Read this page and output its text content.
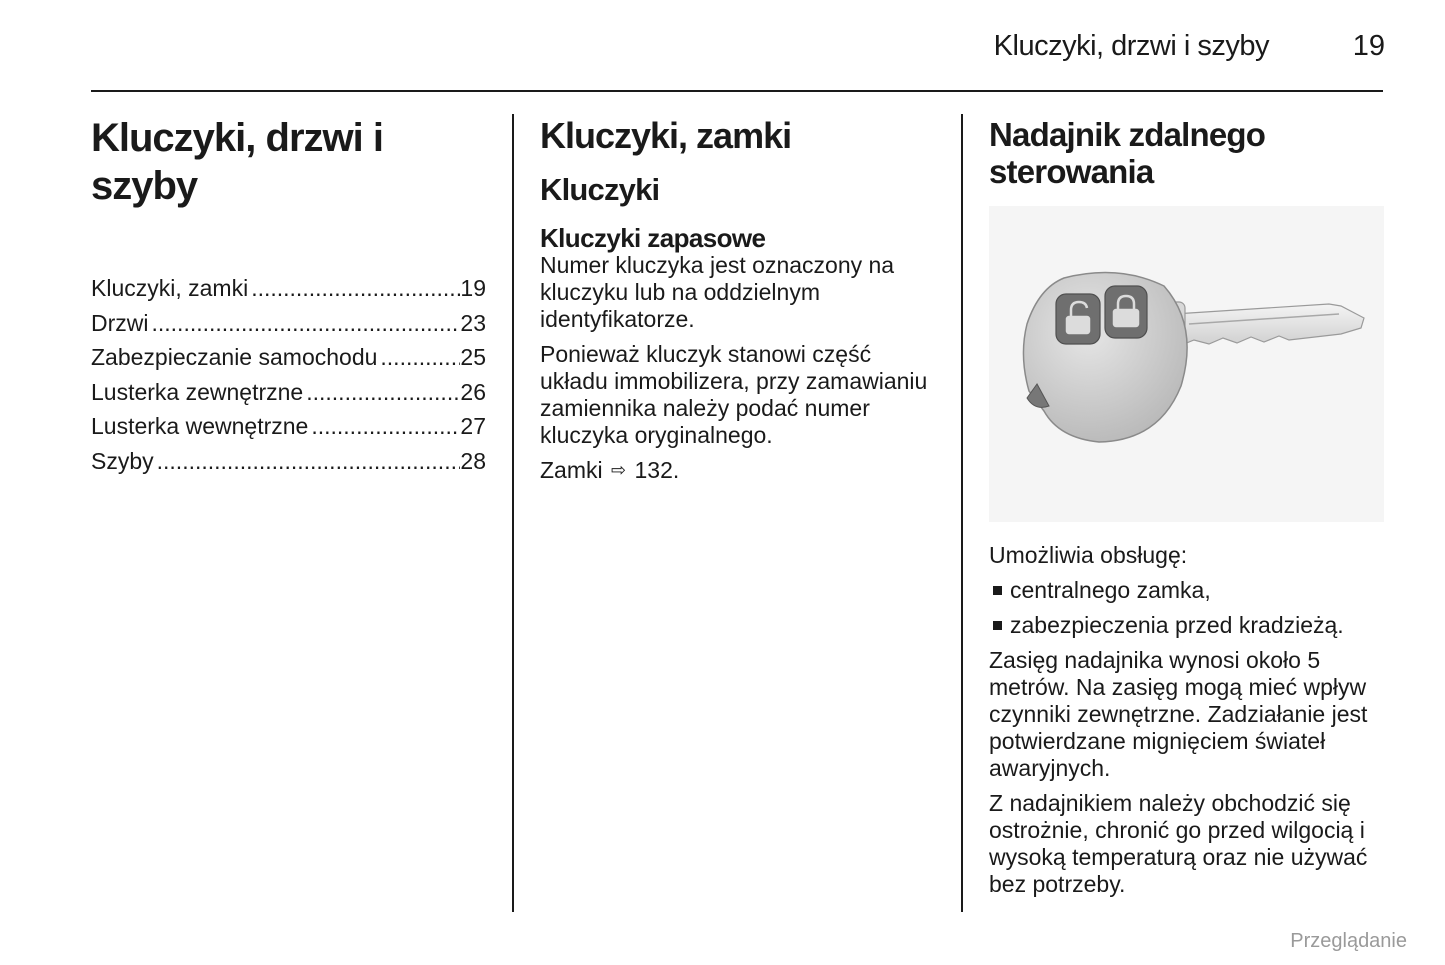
Kluczyki, drzwi i szyby	19
Kluczyki, drzwi i szyby
Kluczyki, zamki .....	19
Drzwi .....	23
Zabezpieczanie samochodu .....	25
Lusterka zewnętrzne .....	26
Lusterka wewnętrzne .....	27
Szyby .....	28
Kluczyki, zamki
Kluczyki
Kluczyki zapasowe

Numer kluczyka jest oznaczony na kluczyku lub na oddzielnym identyfikatorze.

Ponieważ kluczyk stanowi część układu immobilizera, przy zamawianiu zamiennika należy podać numer kluczyka oryginalnego.

Zamki ⇨ 132.

Nadajnik zdalnego sterowania

Umożliwia obsługę:

centralnego zamka,
zabezpieczenia przed kradzieżą.

Zasięg nadajnika wynosi około 5 metrów. Na zasięg mogą mieć wpływ czynniki zewnętrzne. Zadziałanie jest potwierdzane mignięciem świateł awaryjnych.

Z nadajnikiem należy obchodzić się ostrożnie, chronić go przed wilgocią i wysoką temperaturą oraz nie używać bez potrzeby.

Przeglądanie
